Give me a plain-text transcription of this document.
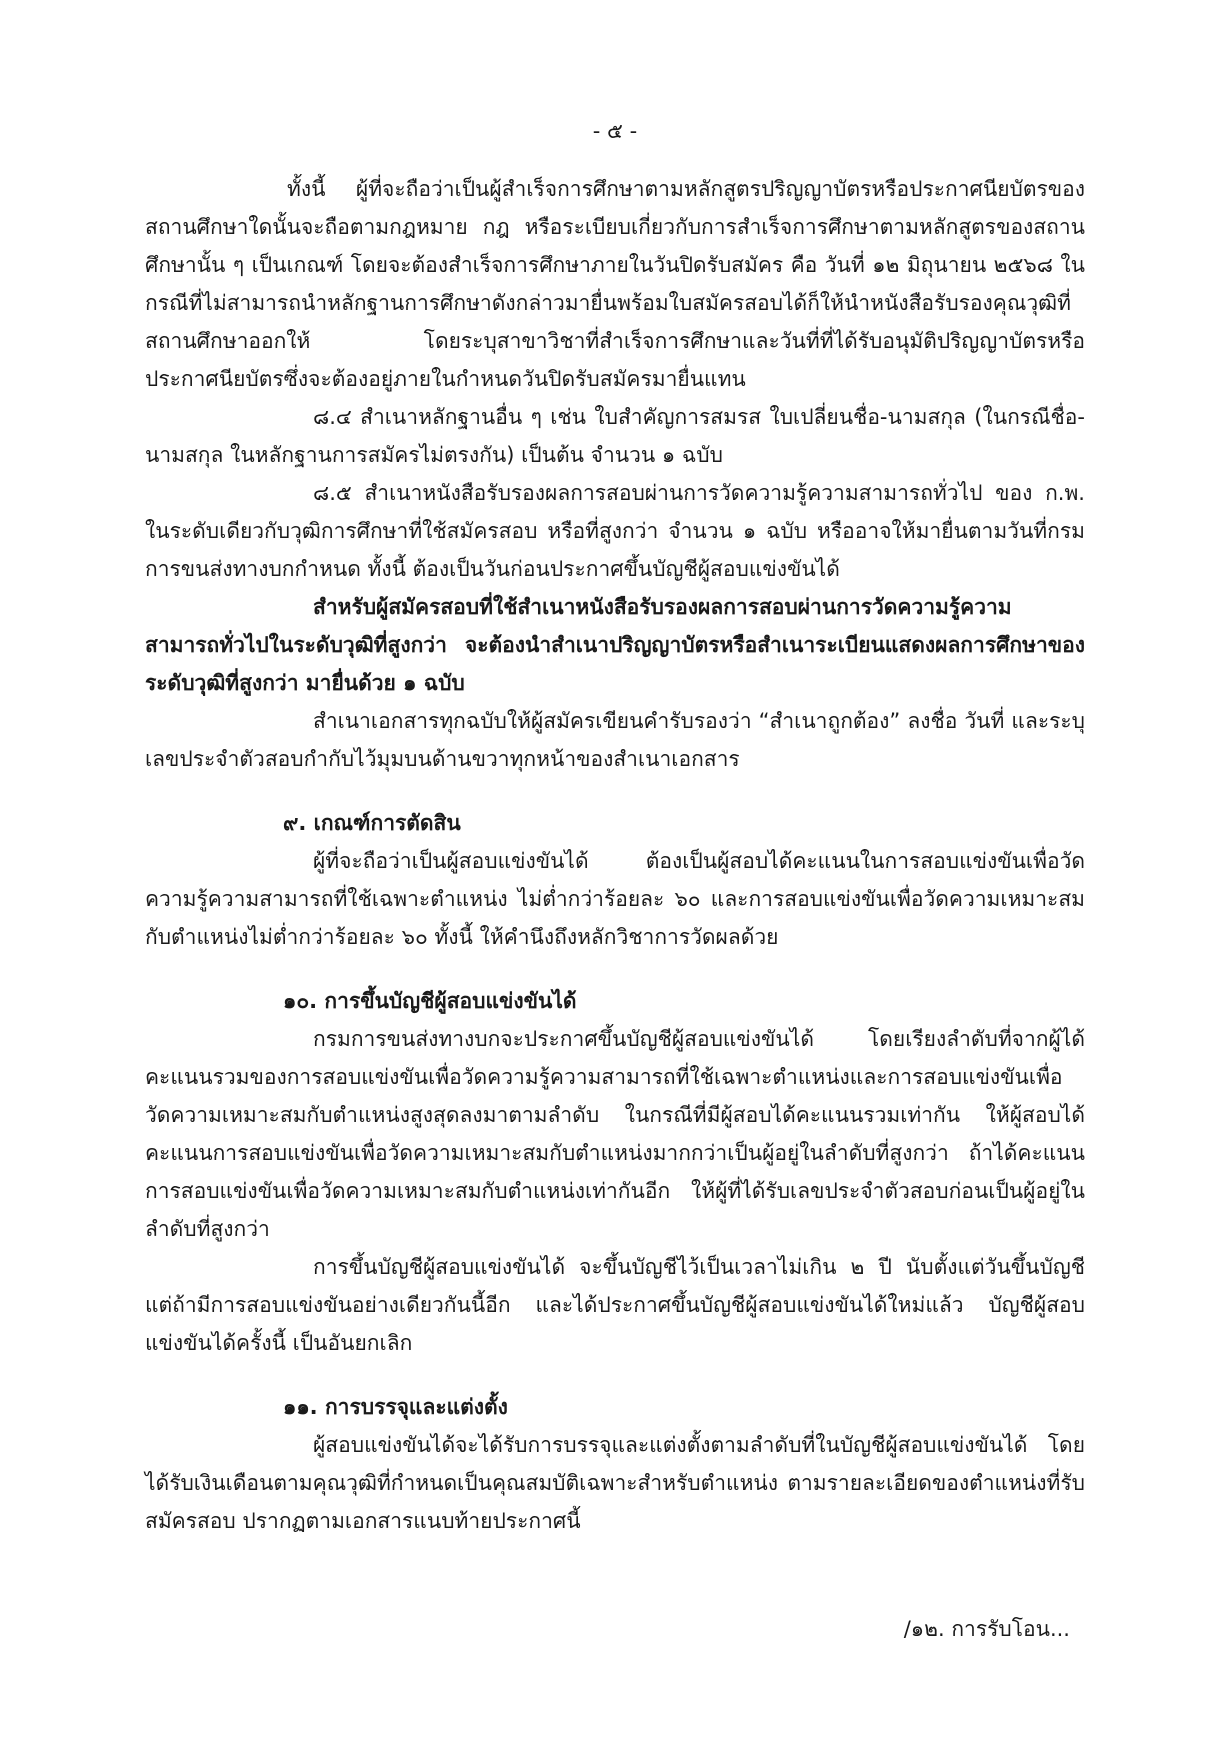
- ๕ -

ทั้งนี้ ผู้ที่จะถือว่าเป็นผู้สำเร็จการศึกษาตามหลักสูตรปริญญาบัตรหรือประกาศนียบัตรของสถานศึกษาใดนั้นจะถือตามกฎหมาย กฎ หรือระเบียบเกี่ยวกับการสำเร็จการศึกษาตามหลักสูตรของสถานศึกษานั้น ๆ เป็นเกณฑ์ โดยจะต้องสำเร็จการศึกษาภายในวันปิดรับสมัคร คือ วันที่ ๑๒ มิถุนายน ๒๕๖๘ ในกรณีที่ไม่สามารถนำหลักฐานการศึกษาดังกล่าวมายื่นพร้อมใบสมัครสอบได้ก็ให้นำหนังสือรับรองคุณวุฒิที่สถานศึกษาออกให้ โดยระบุสาขาวิชาที่สำเร็จการศึกษาและวันที่ที่ได้รับอนุมัติปริญญาบัตรหรือประกาศนียบัตรซึ่งจะต้องอยู่ภายในกำหนดวันปิดรับสมัครมายื่นแทน

๘.๔ สำเนาหลักฐานอื่น ๆ เช่น ใบสำคัญการสมรส ใบเปลี่ยนชื่อ-นามสกุล (ในกรณีชื่อ-นามสกุล ในหลักฐานการสมัครไม่ตรงกัน) เป็นต้น จำนวน ๑ ฉบับ

๘.๕ สำเนาหนังสือรับรองผลการสอบผ่านการวัดความรู้ความสามารถทั่วไป ของ ก.พ. ในระดับเดียวกับวุฒิการศึกษาที่ใช้สมัครสอบ หรือที่สูงกว่า จำนวน ๑ ฉบับ หรืออาจให้มายื่นตามวันที่กรมการขนส่งทางบกกำหนด ทั้งนี้ ต้องเป็นวันก่อนประกาศขึ้นบัญชีผู้สอบแข่งขันได้

สำหรับผู้สมัครสอบที่ใช้สำเนาหนังสือรับรองผลการสอบผ่านการวัดความรู้ความสามารถทั่วไปในระดับวุฒิที่สูงกว่า จะต้องนำสำเนาปริญญาบัตรหรือสำเนาระเบียนแสดงผลการศึกษาของระดับวุฒิที่สูงกว่า มายื่นด้วย ๑ ฉบับ

สำเนาเอกสารทุกฉบับให้ผู้สมัครเขียนคำรับรองว่า “สำเนาถูกต้อง” ลงชื่อ วันที่ และระบุเลขประจำตัวสอบกำกับไว้มุมบนด้านขวาทุกหน้าของสำเนาเอกสาร

๙. เกณฑ์การตัดสิน

ผู้ที่จะถือว่าเป็นผู้สอบแข่งขันได้ ต้องเป็นผู้สอบได้คะแนนในการสอบแข่งขันเพื่อวัดความรู้ความสามารถที่ใช้เฉพาะตำแหน่ง ไม่ต่ำกว่าร้อยละ ๖๐ และการสอบแข่งขันเพื่อวัดความเหมาะสมกับตำแหน่งไม่ต่ำกว่าร้อยละ ๖๐ ทั้งนี้ ให้คำนึงถึงหลักวิชาการวัดผลด้วย

๑๐. การขึ้นบัญชีผู้สอบแข่งขันได้

กรมการขนส่งทางบกจะประกาศขึ้นบัญชีผู้สอบแข่งขันได้ โดยเรียงลำดับที่จากผู้ได้คะแนนรวมของการสอบแข่งขันเพื่อวัดความรู้ความสามารถที่ใช้เฉพาะตำแหน่งและการสอบแข่งขันเพื่อวัดความเหมาะสมกับตำแหน่งสูงสุดลงมาตามลำดับ ในกรณีที่มีผู้สอบได้คะแนนรวมเท่ากัน ให้ผู้สอบได้คะแนนการสอบแข่งขันเพื่อวัดความเหมาะสมกับตำแหน่งมากกว่าเป็นผู้อยู่ในลำดับที่สูงกว่า ถ้าได้คะแนนการสอบแข่งขันเพื่อวัดความเหมาะสมกับตำแหน่งเท่ากันอีก ให้ผู้ที่ได้รับเลขประจำตัวสอบก่อนเป็นผู้อยู่ในลำดับที่สูงกว่า

การขึ้นบัญชีผู้สอบแข่งขันได้ จะขึ้นบัญชีไว้เป็นเวลาไม่เกิน ๒ ปี นับตั้งแต่วันขึ้นบัญชี แต่ถ้ามีการสอบแข่งขันอย่างเดียวกันนี้อีก และได้ประกาศขึ้นบัญชีผู้สอบแข่งขันได้ใหม่แล้ว บัญชีผู้สอบแข่งขันได้ครั้งนี้ เป็นอันยกเลิก

๑๑. การบรรจุและแต่งตั้ง

ผู้สอบแข่งขันได้จะได้รับการบรรจุและแต่งตั้งตามลำดับที่ในบัญชีผู้สอบแข่งขันได้ โดยได้รับเงินเดือนตามคุณวุฒิที่กำหนดเป็นคุณสมบัติเฉพาะสำหรับตำแหน่ง ตามรายละเอียดของตำแหน่งที่รับสมัครสอบ ปรากฏตามเอกสารแนบท้ายประกาศนี้

/๑๒. การรับโอน...
